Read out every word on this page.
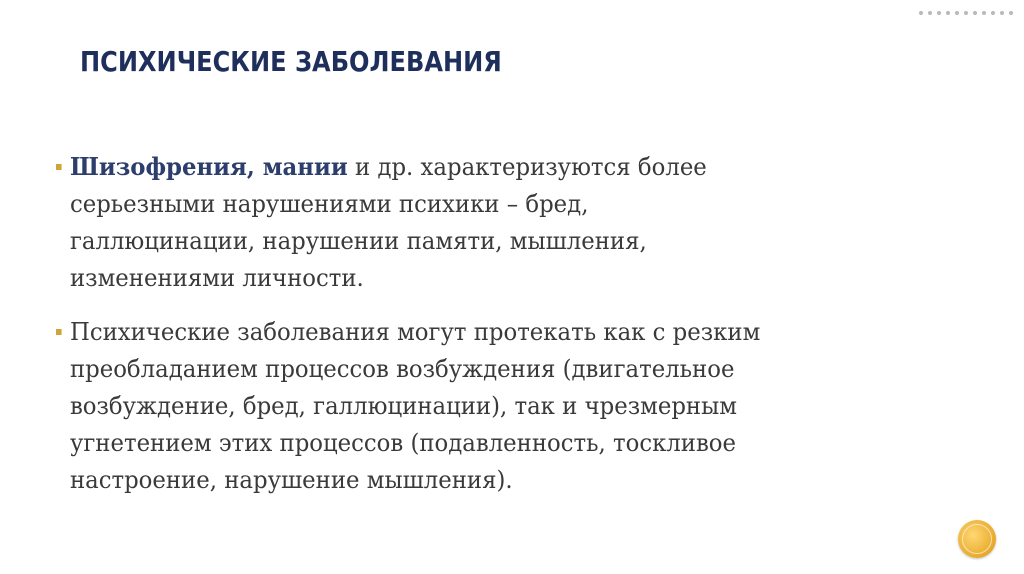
ПСИХИЧЕСКИЕ ЗАБОЛЕВАНИЯ
Шизофрения, мании и др. характеризуются более
серьезными нарушениями психики – бред,
галлюцинации, нарушении памяти, мышления,
изменениями личности.
Психические заболевания могут протекать как с резким
преобладанием процессов возбуждения (двигательное
возбуждение, бред, галлюцинации), так и чрезмерным
угнетением этих процессов (подавленность, тоскливое
настроение, нарушение мышления).
